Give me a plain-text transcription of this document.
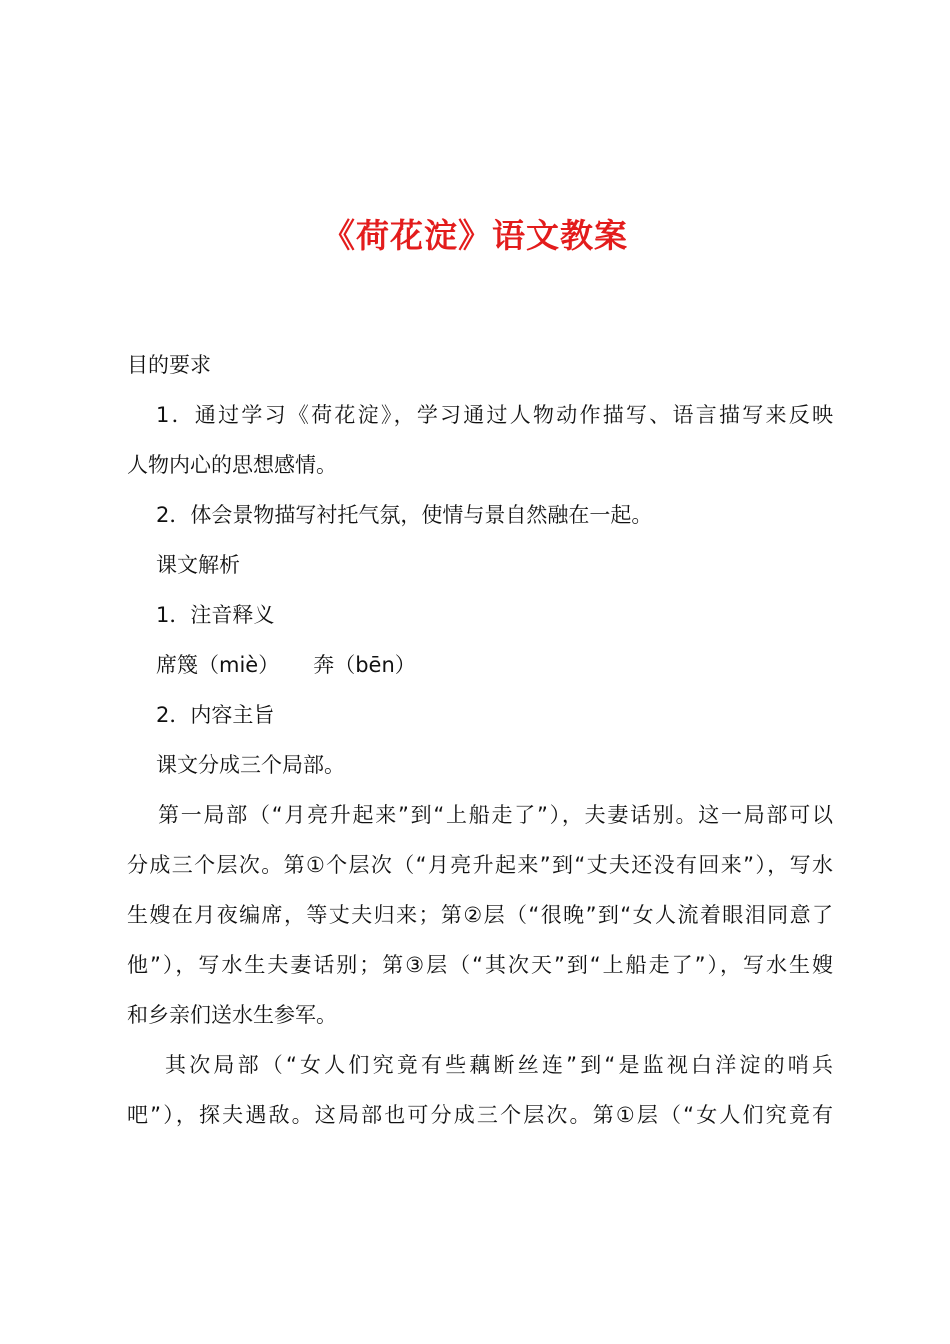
《荷花淀》语文教案
目的要求
1．通过学习《荷花淀》，学习通过人物动作描写、语言描写来反映
人物内心的思想感情。
2．体会景物描写衬托气氛，使情与景自然融在一起。
课文解析
1．注音释义
席篾（miè） 奔（bēn）
2．内容主旨
课文分成三个局部。
第一局部（“月亮升起来”到“上船走了”），夫妻话别。这一局部可以
分成三个层次。第①个层次（“月亮升起来”到“丈夫还没有回来”），写水
生嫂在月夜编席，等丈夫归来；第②层（“很晚”到“女人流着眼泪同意了
他”），写水生夫妻话别；第③层（“其次天”到“上船走了”），写水生嫂
和乡亲们送水生参军。
其次局部（“女人们究竟有些藕断丝连”到“是监视白洋淀的哨兵
吧”），探夫遇敌。这局部也可分成三个层次。第①层（“女人们究竟有
